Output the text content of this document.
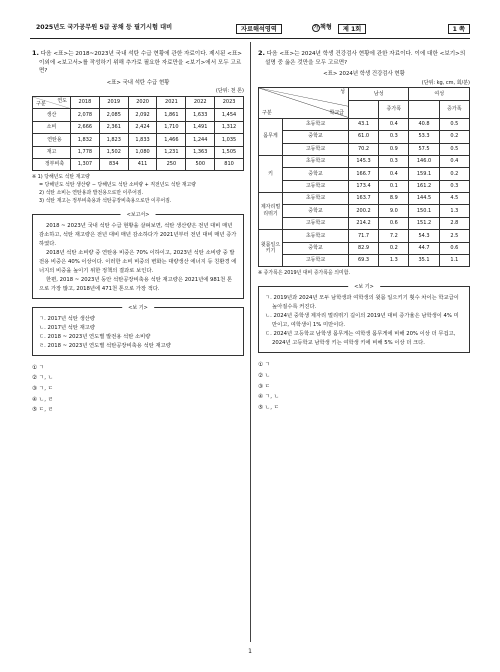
2025년도 국가공무원 5급 공채 등 필기시험 대비	자료해석영역	가 책형	제 1회	1 쪽
1. 다음 <표>는 2018~2023년 국내 석탄 수급 현황에 관한 자료이다. 제시된 <표> 이외에 <보고서>를 작성하기 위해 추가로 필요한 자료만을 <보기>에서 모두 고르면?
<표> 국내 석탄 수급 현황
(단위: 천 톤)
연도
구분	2018	2019	2020	2021	2022	2023
생산	2,078	2,085	2,092	1,861	1,633	1,454
소비	2,666	2,361	2,424	1,710	1,491	1,312
연탄용	1,832	1,823	1,833	1,466	1,244	1,035
재고	1,778	1,502	1,080	1,231	1,363	1,505
정부비축	1,307	834	411	250	500	810
※ 1) 당해년도 석탄 재고량
= 당해년도 석탄 생산량 − 당해년도 석탄 소비량 + 직전년도 석탄 재고량
2) 석탄 소비는 연탄용과 발전용으로만 이루어짐.
3) 석탄 재고는 정부비축용과 석탄공장비축용으로만 이루어짐.
<보고서>

2018 ~ 2023년 국내 석탄 수급 현황을 살펴보면, 석탄 생산량은 전년 대비 매년 감소하고, 석탄 재고량은 전년 대비 매년 감소하다가 2021년부터 전년 대비 매년 증가하였다.

2018년 석탄 소비량 중 연탄용 비중은 70% 이하이고, 2023년 석탄 소비량 중 발전용 비중은 40% 이상이다. 이러한 소비 비중의 변화는 대량생산 에너지 등 친환경 에너지의 비중을 높이기 위한 정책의 결과로 보인다.

한편, 2018 ~ 2023년 동안 석탄공장비축용 석탄 재고량은 2021년에 981천 톤으로 가장 많고, 2018년에 471천 톤으로 가장 적다.

<보 기>
ㄱ. 2017년 석탄 생산량
ㄴ. 2017년 석탄 재고량
ㄷ. 2018 ~ 2023년 연도별 발전용 석탄 소비량
ㄹ. 2018 ~ 2023년 연도별 석탄공장비축용 석탄 재고량
① ㄱ
② ㄱ, ㄴ
③ ㄱ, ㄷ
④ ㄴ, ㄹ
⑤ ㄷ, ㄹ
2. 다음 <표>는 2024년 학생 건강검사 현황에 관한 자료이다. 이에 대한 <보기>의 설명 중 옳은 것만을 모두 고르면?
<표> 2024년 학생 건강검사 현황
(단위: kg, cm, 회/분)
성
학교급
구분		남성		여성	
			증가폭		증가폭
몸무게	초등학교	43.1	0.4	40.8	0.5
	중학교	61.0	0.3	53.3	0.2
	고등학교	70.2	0.9	57.5	0.5
키	초등학교	145.3	0.3	146.0	0.4
	중학교	166.7	0.4	159.1	0.2
	고등학교	173.4	0.1	161.2	0.3
제자리멀리뛰기	초등학교	163.7	8.9	144.5	4.5
	중학교	200.2	9.0	150.1	1.3
	고등학교	214.2	0.6	151.2	2.8
윗몸일으키기	초등학교	71.7	7.2	54.3	2.5
	중학교	82.9	0.2	44.7	0.6
	고등학교	69.3	1.3	35.1	1.1
※ 증가폭은 2019년 대비 증가폭을 의미함.
<보 기>
ㄱ. 2019년과 2024년 모두 남학생과 여학생의 윗몸 일으키기 횟수 차이는 학교급이 높아질수록 커진다.
ㄴ. 2024년 중학생 제자리 멀리뛰기 길이의 2019년 대비 증가율은 남학생이 4% 미만이고, 여학생이 1% 미만이다.
ㄷ. 2024년 고등학교 남학생 몸무게는 여학생 몸무게에 비해 20% 이상 더 무겁고, 2024년 고등학교 남학생 키는 여학생 키에 비해 5% 이상 더 크다.
① ㄱ
② ㄴ
③ ㄷ
④ ㄱ, ㄴ
⑤ ㄴ, ㄷ
1
